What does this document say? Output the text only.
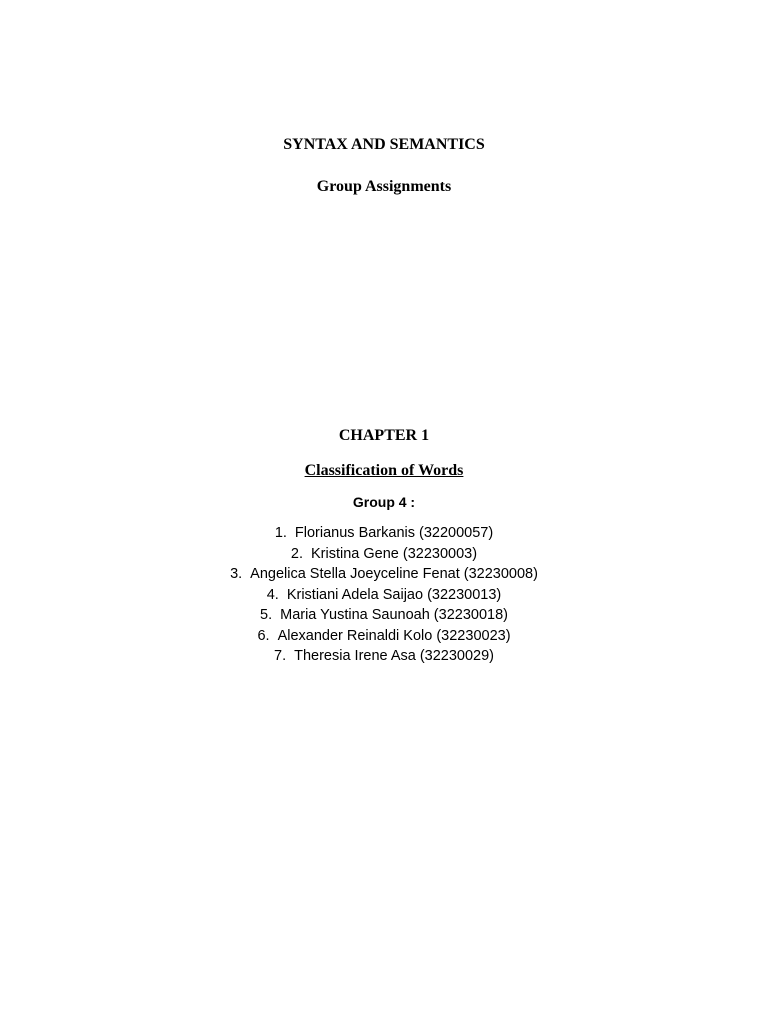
SYNTAX AND SEMANTICS
Group Assignments
CHAPTER 1
Classification of Words
Group 4 :
1. Florianus Barkanis (32200057)
2. Kristina Gene (32230003)
3. Angelica Stella Joeyceline Fenat (32230008)
4. Kristiani Adela Saijao (32230013)
5. Maria Yustina Saunoah (32230018)
6. Alexander Reinaldi Kolo (32230023)
7. Theresia Irene Asa (32230029)
